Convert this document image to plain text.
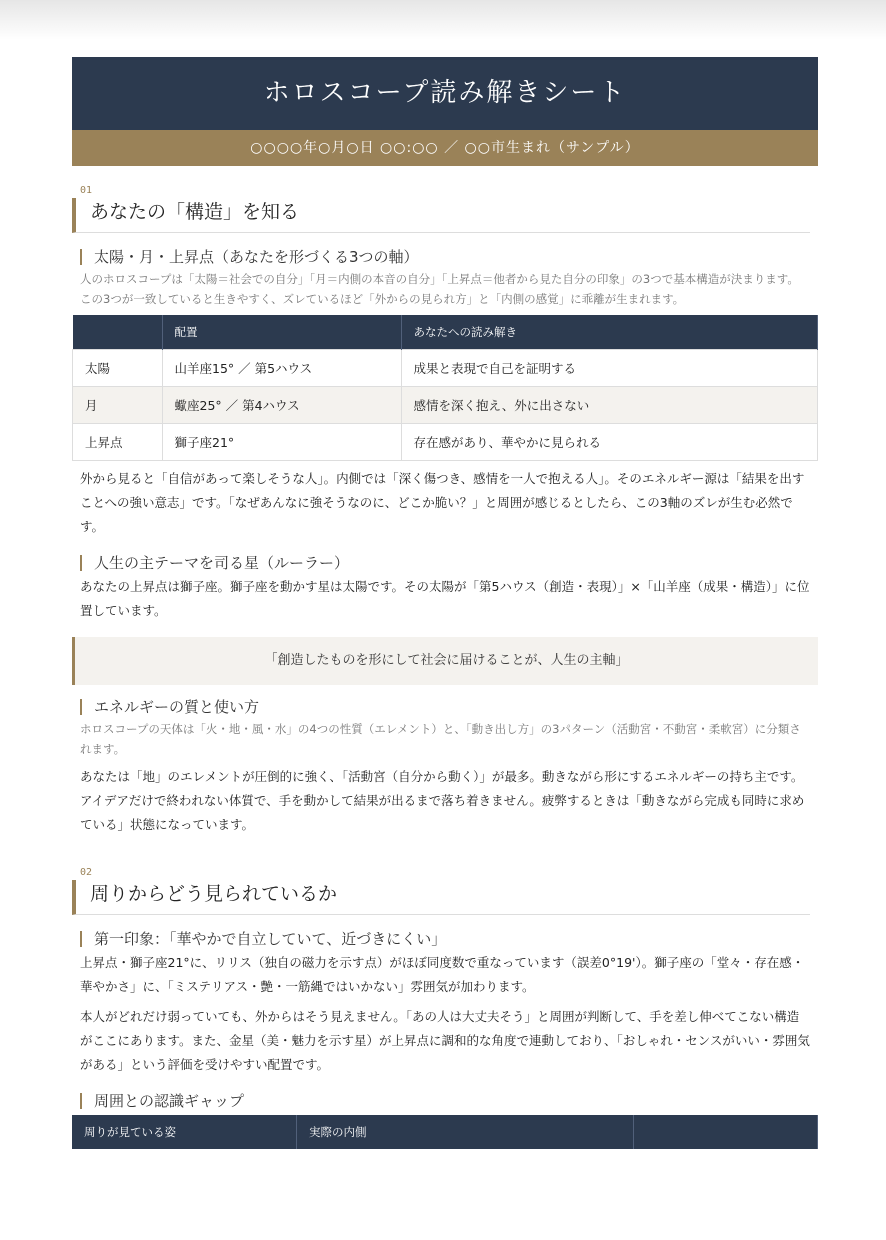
ホロスコープ読み解きシート
○○○○年○月○日 ○○:○○ ／ ○○市生まれ（サンプル）
01
あなたの「構造」を知る
太陽・月・上昇点（あなたを形づくる3つの軸）

人のホロスコープは「太陽＝社会での自分」「月＝内側の本音の自分」「上昇点＝他者から見た自分の印象」の3つで基本構造が決まります。この3つが一致していると生きやすく、ズレているほど「外からの見られ方」と「内側の感覚」に乖離が生まれます。

	配置	あなたへの読み解き
太陽	山羊座15° ／ 第5ハウス	成果と表現で自己を証明する
月	蠍座25° ／ 第4ハウス	感情を深く抱え、外に出さない
上昇点	獅子座21°	存在感があり、華やかに見られる

外から見ると「自信があって楽しそうな人」。内側では「深く傷つき、感情を一人で抱える人」。そのエネルギー源は「結果を出すことへの強い意志」です。「なぜあんなに強そうなのに、どこか脆い？」と周囲が感じるとしたら、この3軸のズレが生む必然です。

人生の主テーマを司る星（ルーラー）

あなたの上昇点は獅子座。獅子座を動かす星は太陽です。その太陽が「第5ハウス（創造・表現）」×「山羊座（成果・構造）」に位置しています。

「創造したものを形にして社会に届けることが、人生の主軸」
エネルギーの質と使い方

ホロスコープの天体は「火・地・風・水」の4つの性質（エレメント）と、「動き出し方」の3パターン（活動宮・不動宮・柔軟宮）に分類されます。

あなたは「地」のエレメントが圧倒的に強く、「活動宮（自分から動く）」が最多。動きながら形にするエネルギーの持ち主です。アイデアだけで終われない体質で、手を動かして結果が出るまで落ち着きません。疲弊するときは「動きながら完成も同時に求めている」状態になっています。

02
周りからどう見られているか
第一印象：「華やかで自立していて、近づきにくい」

上昇点・獅子座21°に、リリス（独自の磁力を示す点）がほぼ同度数で重なっています（誤差0°19'）。獅子座の「堂々・存在感・華やかさ」に、「ミステリアス・艶・一筋縄ではいかない」雰囲気が加わります。

本人がどれだけ弱っていても、外からはそう見えません。「あの人は大丈夫そう」と周囲が判断して、手を差し伸べてこない構造がここにあります。また、金星（美・魅力を示す星）が上昇点に調和的な角度で連動しており、「おしゃれ・センスがいい・雰囲気がある」という評価を受けやすい配置です。

周囲との認識ギャップ
周りが見ている姿	実際の内側	
